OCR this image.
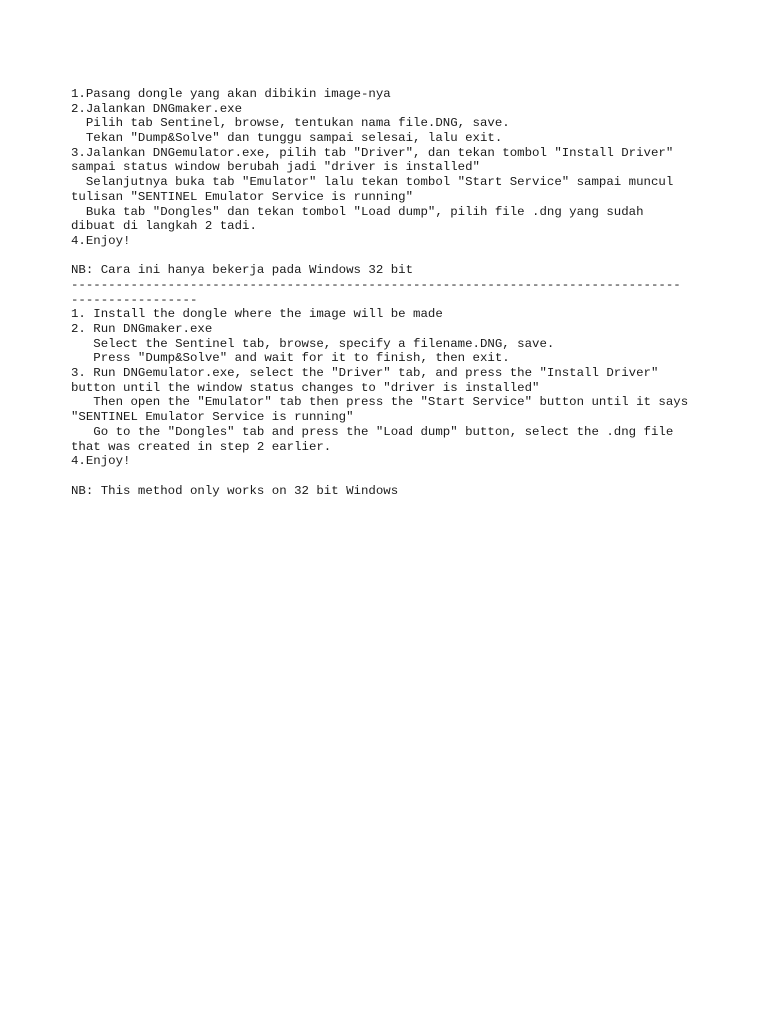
1.Pasang dongle yang akan dibikin image-nya
2.Jalankan DNGmaker.exe
Pilih tab Sentinel, browse, tentukan nama file.DNG, save.
Tekan "Dump&Solve" dan tunggu sampai selesai, lalu exit.
3.Jalankan DNGemulator.exe, pilih tab "Driver", dan tekan tombol "Install Driver"
sampai status window berubah jadi "driver is installed"
Selanjutnya buka tab "Emulator" lalu tekan tombol "Start Service" sampai muncul
tulisan "SENTINEL Emulator Service is running"
Buka tab "Dongles" dan tekan tombol "Load dump", pilih file .dng yang sudah
dibuat di langkah 2 tadi.
4.Enjoy!
NB: Cara ini hanya bekerja pada Windows 32 bit
----------------------------------------------------------------------------------
-----------------
1. Install the dongle where the image will be made
2. Run DNGmaker.exe
Select the Sentinel tab, browse, specify a filename.DNG, save.
Press "Dump&Solve" and wait for it to finish, then exit.
3. Run DNGemulator.exe, select the "Driver" tab, and press the "Install Driver"
button until the window status changes to "driver is installed"
Then open the "Emulator" tab then press the "Start Service" button until it says
"SENTINEL Emulator Service is running"
Go to the "Dongles" tab and press the "Load dump" button, select the .dng file
that was created in step 2 earlier.
4.Enjoy!
NB: This method only works on 32 bit Windows
